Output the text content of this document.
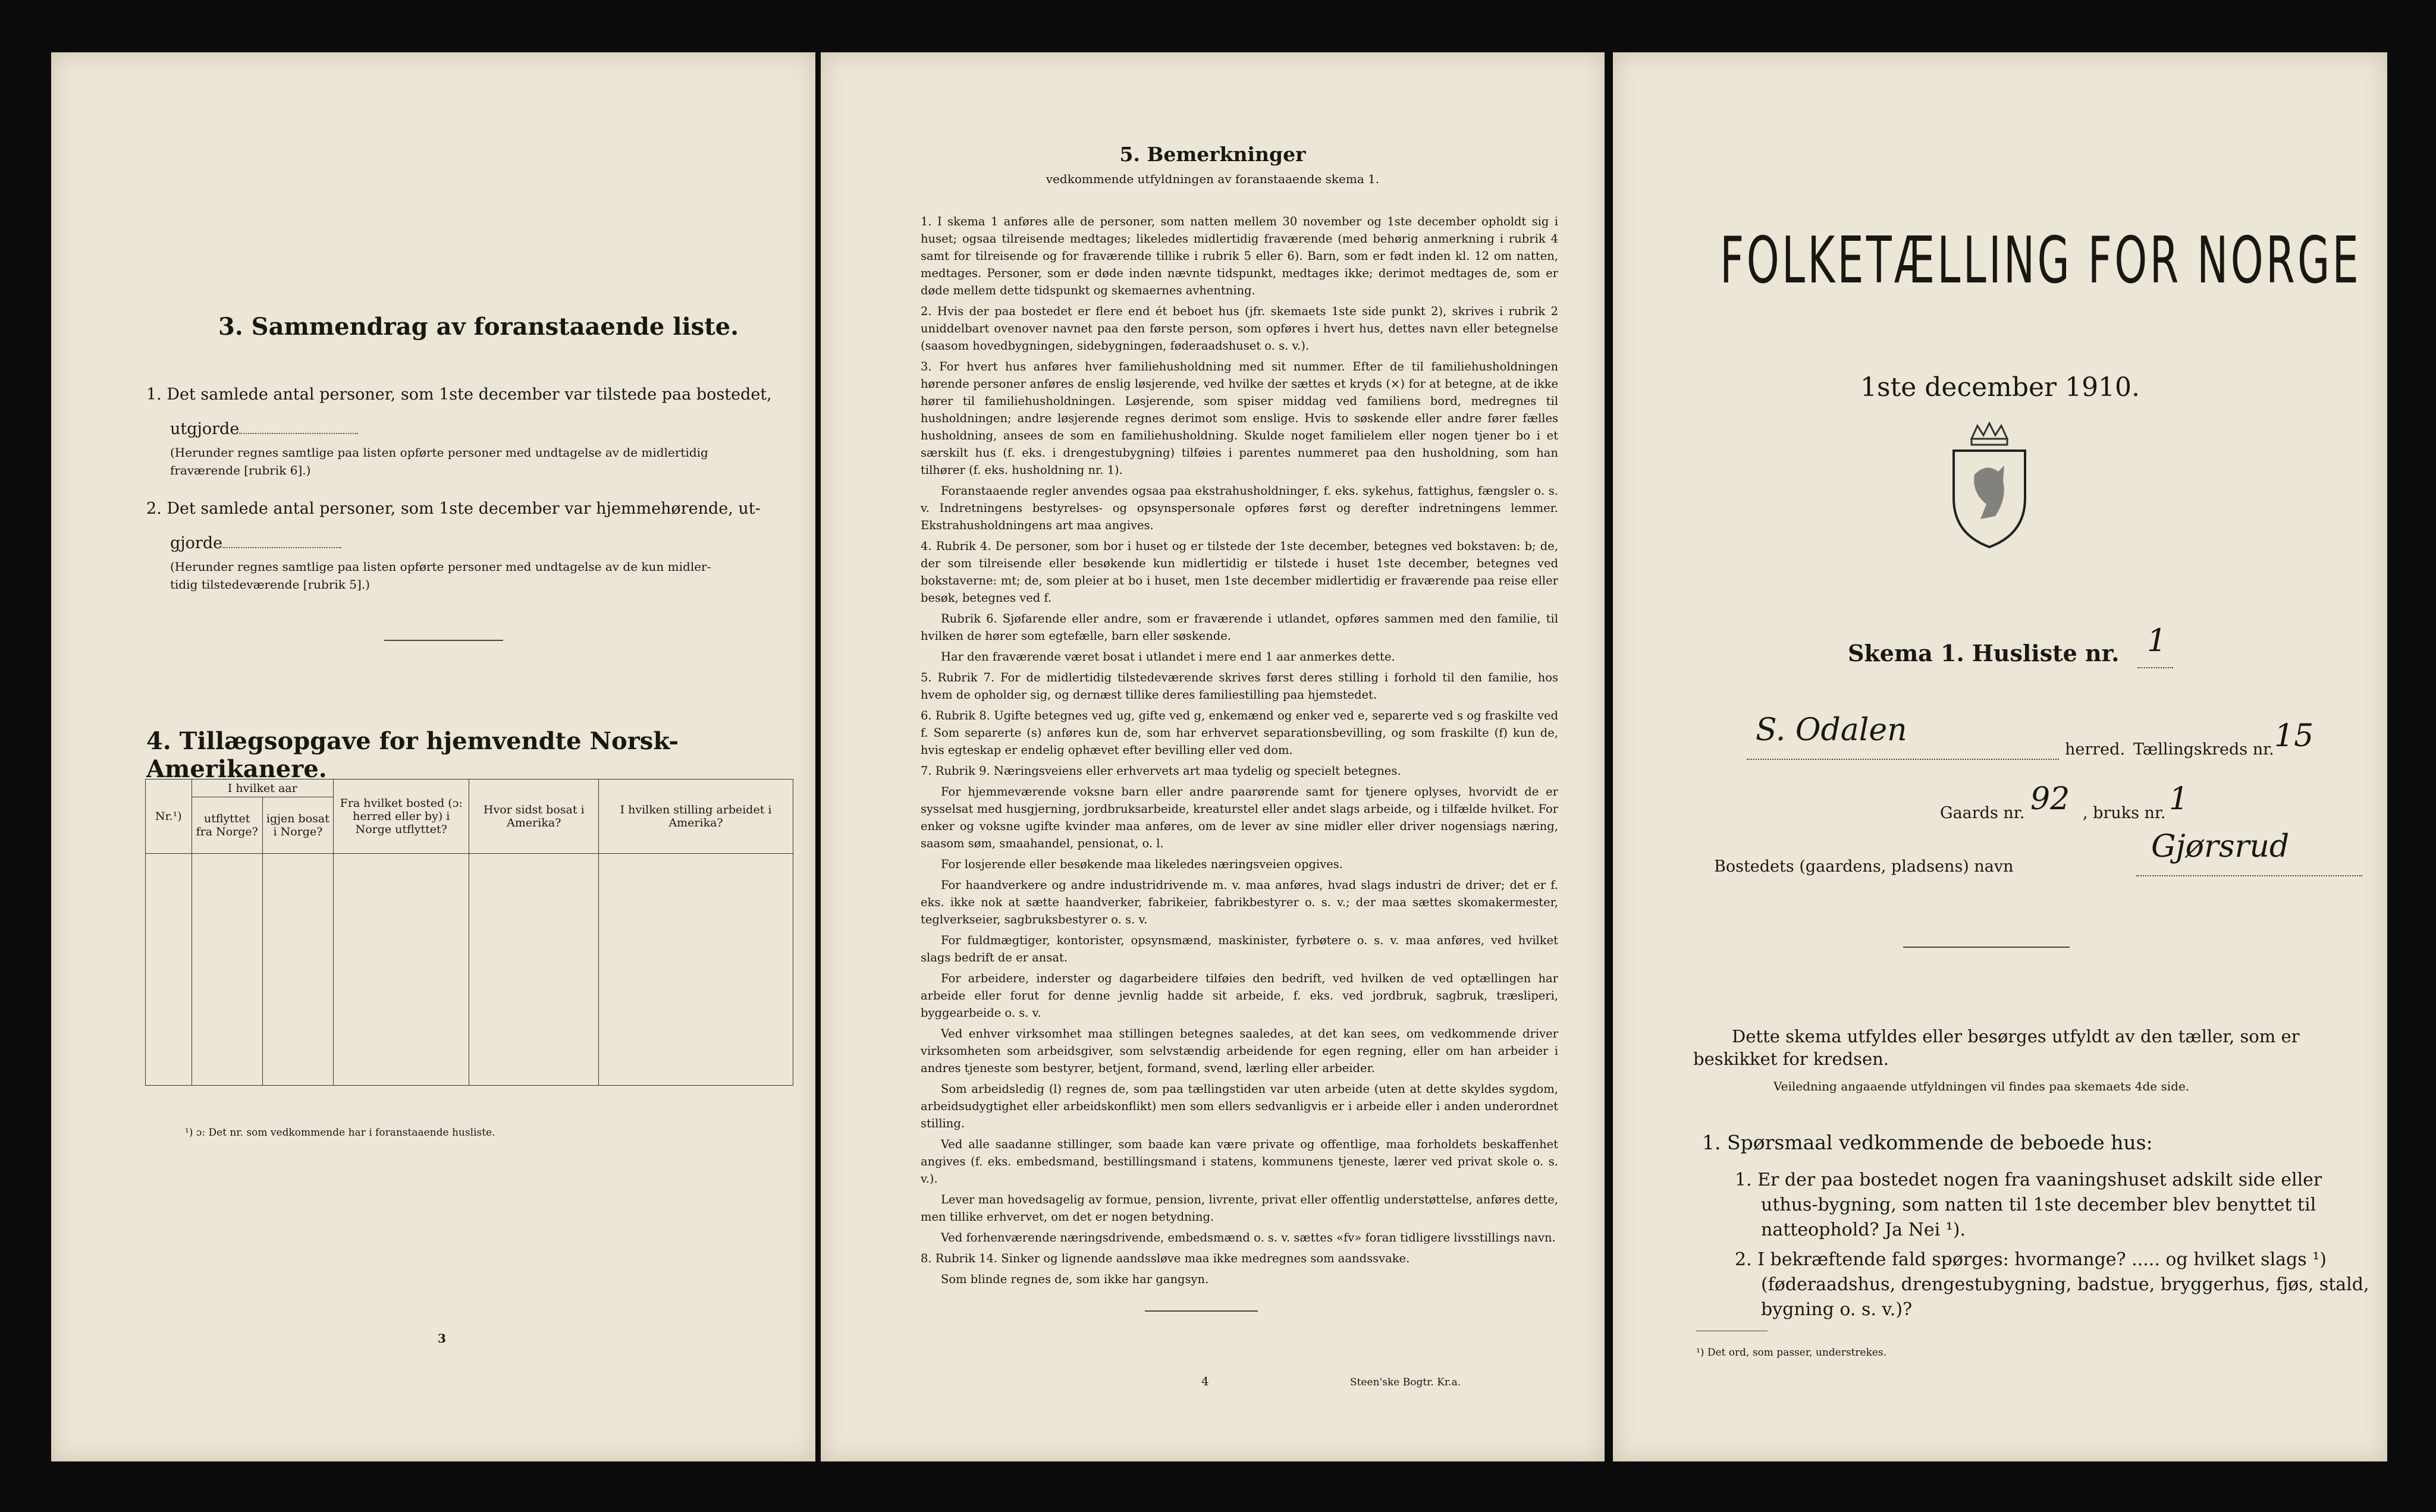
3. Sammendrag av foranstaaende liste.
1. Det samlede antal personer, som 1ste december var tilstede paa bostedet,
utgjorde
(Herunder regnes samtlige paa listen opførte personer med undtagelse av de midlertidig
fraværende [rubrik 6].)
2. Det samlede antal personer, som 1ste december var hjemmehørende, ut-
gjorde
(Herunder regnes samtlige paa listen opførte personer med undtagelse av de kun midler-
tidig tilstedeværende [rubrik 5].)
4. Tillægsopgave for hjemvendte Norsk-Amerikanere.
Nr.¹)	I hvilket aar		Fra hvilket bosted (ɔ: herred eller by) i Norge utflyttet?	Hvor sidst bosat i Amerika?	I hvilken stilling arbeidet i Amerika?
	utflyttet fra Norge?	igjen bosat i Norge?			

¹) ɔ: Det nr. som vedkommende har i foranstaaende husliste.
3
5. Bemerkninger
vedkommende utfyldningen av foranstaaende skema 1.

1. I skema 1 anføres alle de personer, som natten mellem 30 november og 1ste december opholdt sig i huset; ogsaa tilreisende medtages; likeledes midlertidig fraværende (med behørig anmerkning i rubrik 4 samt for tilreisende og for fraværende tillike i rubrik 5 eller 6). Barn, som er født inden kl. 12 om natten, medtages. Personer, som er døde inden nævnte tidspunkt, medtages ikke; derimot medtages de, som er døde mellem dette tidspunkt og skemaernes avhentning.

2. Hvis der paa bostedet er flere end ét beboet hus (jfr. skemaets 1ste side punkt 2), skrives i rubrik 2 uniddelbart ovenover navnet paa den første person, som opføres i hvert hus, dettes navn eller betegnelse (saasom hovedbygningen, sidebygningen, føderaadshuset o. s. v.).

3. For hvert hus anføres hver familiehusholdning med sit nummer. Efter de til familiehusholdningen hørende personer anføres de enslig løsjerende, ved hvilke der sættes et kryds (×) for at betegne, at de ikke hører til familiehusholdningen. Løsjerende, som spiser middag ved familiens bord, medregnes til husholdningen; andre løsjerende regnes derimot som enslige. Hvis to søskende eller andre fører fælles husholdning, ansees de som en familiehusholdning. Skulde noget familielem eller nogen tjener bo i et særskilt hus (f. eks. i drengestubygning) tilføies i parentes nummeret paa den husholdning, som han tilhører (f. eks. husholdning nr. 1).

Foranstaaende regler anvendes ogsaa paa ekstrahusholdninger, f. eks. sykehus, fattighus, fængsler o. s. v. Indretningens bestyrelses- og opsynspersonale opføres først og derefter indretningens lemmer. Ekstrahusholdningens art maa angives.

4. Rubrik 4. De personer, som bor i huset og er tilstede der 1ste december, betegnes ved bokstaven: b; de, der som tilreisende eller besøkende kun midlertidig er tilstede i huset 1ste december, betegnes ved bokstaverne: mt; de, som pleier at bo i huset, men 1ste december midlertidig er fraværende paa reise eller besøk, betegnes ved f.

Rubrik 6. Sjøfarende eller andre, som er fraværende i utlandet, opføres sammen med den familie, til hvilken de hører som egtefælle, barn eller søskende.

Har den fraværende været bosat i utlandet i mere end 1 aar anmerkes dette.

5. Rubrik 7. For de midlertidig tilstedeværende skrives først deres stilling i forhold til den familie, hos hvem de opholder sig, og dernæst tillike deres familiestilling paa hjemstedet.

6. Rubrik 8. Ugifte betegnes ved ug, gifte ved g, enkemænd og enker ved e, separerte ved s og fraskilte ved f. Som separerte (s) anføres kun de, som har erhvervet separationsbevilling, og som fraskilte (f) kun de, hvis egteskap er endelig ophævet efter bevilling eller ved dom.

7. Rubrik 9. Næringsveiens eller erhvervets art maa tydelig og specielt betegnes.

For hjemmeværende voksne barn eller andre paarørende samt for tjenere oplyses, hvorvidt de er sysselsat med husgjerning, jordbruksarbeide, kreaturstel eller andet slags arbeide, og i tilfælde hvilket. For enker og voksne ugifte kvinder maa anføres, om de lever av sine midler eller driver nogensiags næring, saasom søm, smaahandel, pensionat, o. l.

For losjerende eller besøkende maa likeledes næringsveien opgives.

For haandverkere og andre industridrivende m. v. maa anføres, hvad slags industri de driver; det er f. eks. ikke nok at sætte haandverker, fabrikeier, fabrikbestyrer o. s. v.; der maa sættes skomakermester, teglverkseier, sagbruksbestyrer o. s. v.

For fuldmægtiger, kontorister, opsynsmænd, maskinister, fyrbøtere o. s. v. maa anføres, ved hvilket slags bedrift de er ansat.

For arbeidere, inderster og dagarbeidere tilføies den bedrift, ved hvilken de ved optællingen har arbeide eller forut for denne jevnlig hadde sit arbeide, f. eks. ved jordbruk, sagbruk, træsliperi, byggearbeide o. s. v.

Ved enhver virksomhet maa stillingen betegnes saaledes, at det kan sees, om vedkommende driver virksomheten som arbeidsgiver, som selvstændig arbeidende for egen regning, eller om han arbeider i andres tjeneste som bestyrer, betjent, formand, svend, lærling eller arbeider.

Som arbeidsledig (l) regnes de, som paa tællingstiden var uten arbeide (uten at dette skyldes sygdom, arbeidsudygtighet eller arbeidskonflikt) men som ellers sedvanligvis er i arbeide eller i anden underordnet stilling.

Ved alle saadanne stillinger, som baade kan være private og offentlige, maa forholdets beskaffenhet angives (f. eks. embedsmand, bestillingsmand i statens, kommunens tjeneste, lærer ved privat skole o. s. v.).

Lever man hovedsagelig av formue, pension, livrente, privat eller offentlig understøttelse, anføres dette, men tillike erhvervet, om det er nogen betydning.

Ved forhenværende næringsdrivende, embedsmænd o. s. v. sættes «fv» foran tidligere livsstillings navn.

8. Rubrik 14. Sinker og lignende aandssløve maa ikke medregnes som aandssvake.

Som blinde regnes de, som ikke har gangsyn.

4	Steen'ske Bogtr. Kr.a.
FOLKETÆLLING FOR NORGE
1ste december 1910.
Skema 1. Husliste nr. 1
S. Odalen
herred. Tællingskreds nr. 15
Gaards nr. 92 , bruks nr. 1
Bostedets (gaardens, pladsens) navn
Gjørsrud
Dette skema utfyldes eller besørges utfyldt av den tæller, som er
beskikket for kredsen.
Veiledning angaaende utfyldningen vil findes paa skemaets 4de side.
1. Spørsmaal vedkommende de beboede hus:
1. Er der paa bostedet nogen fra vaaningshuset adskilt side eller
uthus-bygning, som natten til 1ste december blev benyttet til
natteophold? Ja Nei ¹).
2. I bekræftende fald spørges: hvormange? ..... og hvilket slags ¹)
(føderaadshus, drengestubygning, badstue, bryggerhus, fjøs, stald,
bygning o. s. v.)?
¹) Det ord, som passer, understrekes.
